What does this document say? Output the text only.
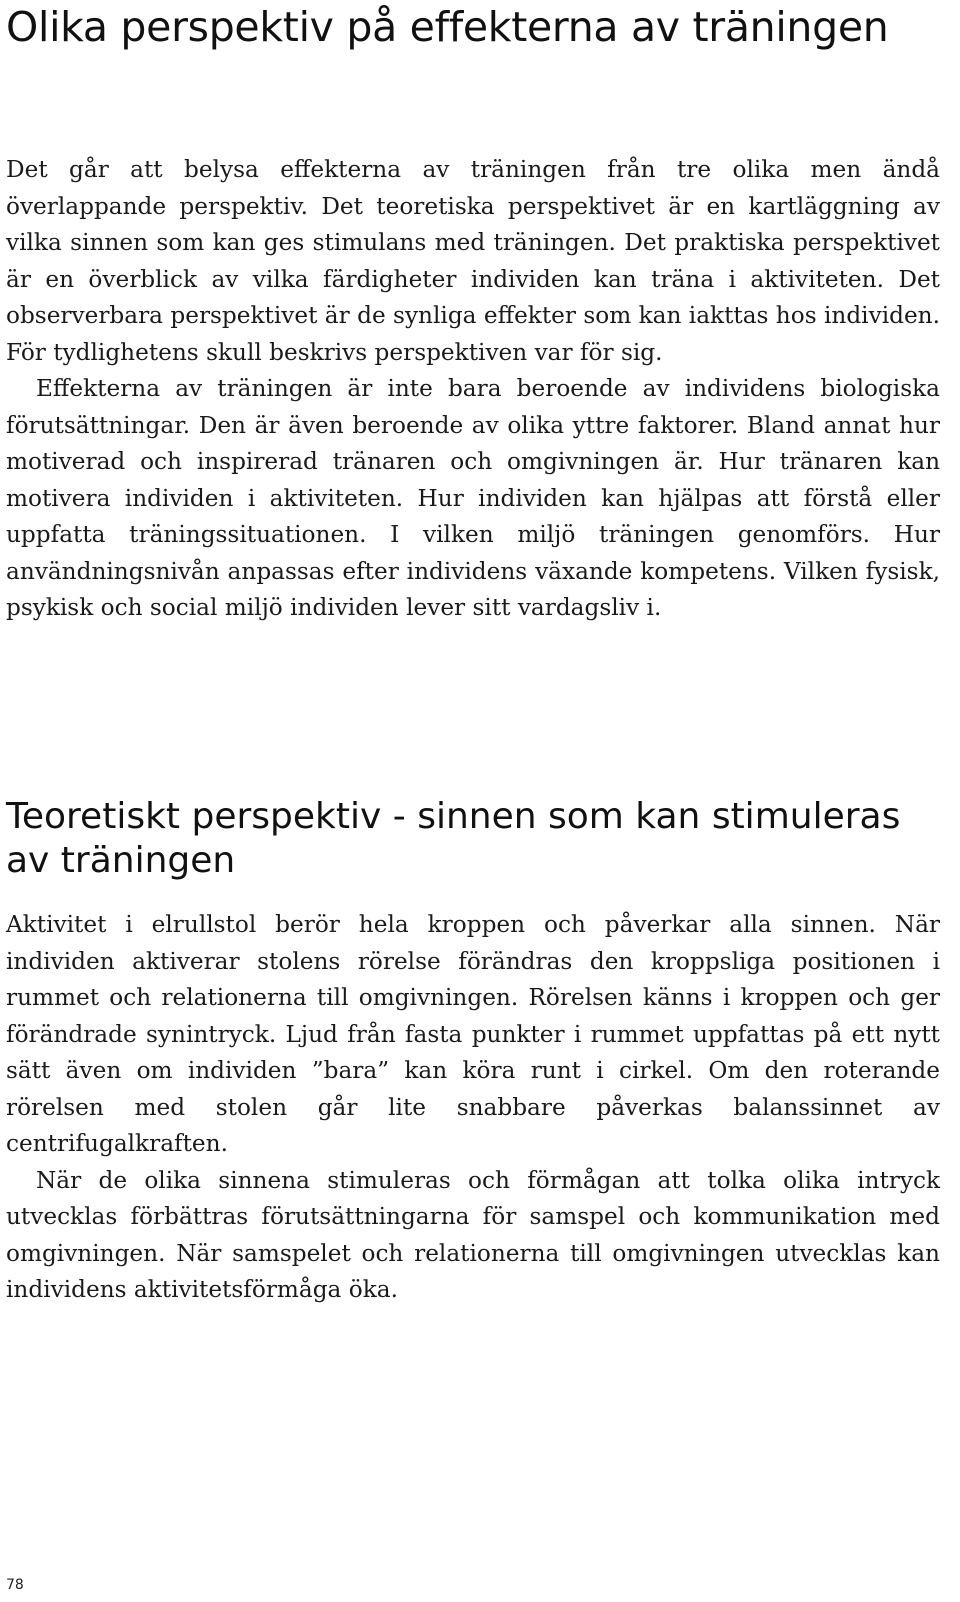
Olika perspektiv på effekterna av träningen

Det går att belysa effekterna av träningen från tre olika men ändå överlappande perspektiv. Det teoretiska perspektivet är en kartläggning av vilka sinnen som kan ges stimulans med träningen. Det praktiska perspektivet är en överblick av vilka färdigheter individen kan träna i aktiviteten. Det observerbara perspektivet är de synliga effekter som kan iakttas hos individen. För tydlighetens skull beskrivs perspektiven var för sig.

Effekterna av träningen är inte bara beroende av individens biologiska förutsättningar. Den är även beroende av olika yttre faktorer. Bland annat hur motiverad och inspirerad tränaren och omgivningen är. Hur tränaren kan motivera individen i aktiviteten. Hur individen kan hjälpas att förstå eller uppfatta träningssituationen. I vilken miljö träningen genomförs. Hur användningsnivån anpassas efter individens växande kompetens. Vilken fysisk, psykisk och social miljö individen lever sitt vardagsliv i.

Teoretiskt perspektiv - sinnen som kan stimuleras av träningen

Aktivitet i elrullstol berör hela kroppen och påverkar alla sinnen. När individen aktiverar stolens rörelse förändras den kroppsliga positionen i rummet och relationerna till omgivningen. Rörelsen känns i kroppen och ger förändrade synintryck. Ljud från fasta punkter i rummet uppfattas på ett nytt sätt även om individen ”bara” kan köra runt i cirkel. Om den roterande rörelsen med stolen går lite snabbare påverkas balanssinnet av centrifugalkraften.

När de olika sinnena stimuleras och förmågan att tolka olika intryck utvecklas förbättras förutsättningarna för samspel och kommunikation med omgivningen. När samspelet och relationerna till omgivningen utvecklas kan individens aktivitetsförmåga öka.

78
